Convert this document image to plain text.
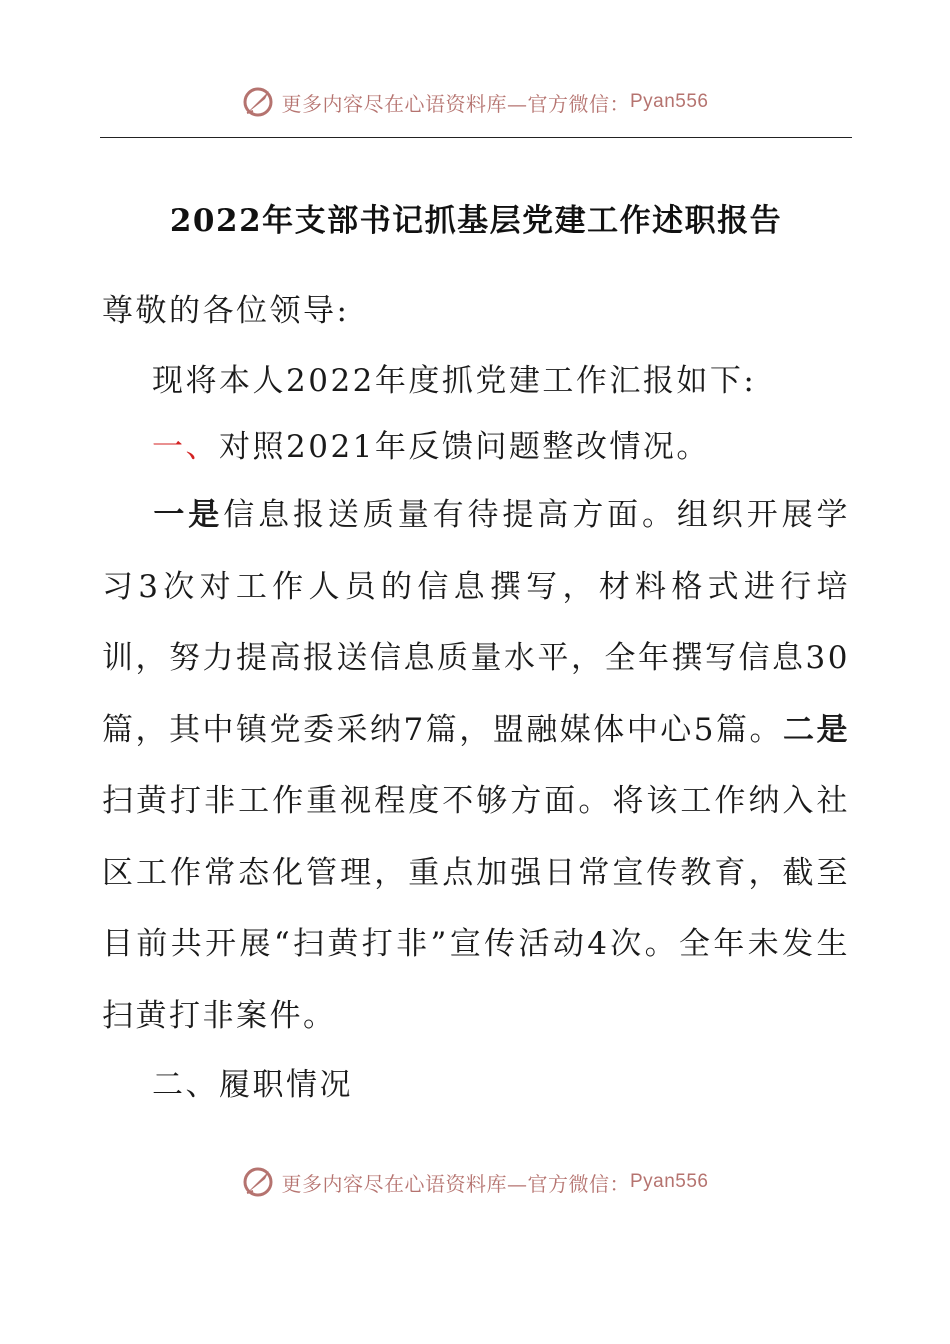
更多内容尽在心语资料库—官方微信： Pyan556
2022年支部书记抓基层党建工作述职报告
尊敬的各位领导:
现将本人2022年度抓党建工作汇报如下:
一、对照2021年反馈问题整改情况。
一是信息报送质量有待提高方面。组织开展学习3次对工作人员的信息撰写，材料格式进行培训，努力提高报送信息质量水平，全年撰写信息30篇，其中镇党委采纳7篇，盟融媒体中心5篇。二是扫黄打非工作重视程度不够方面。将该工作纳入社区工作常态化管理，重点加强日常宣传教育，截至目前共开展“扫黄打非”宣传活动4次。全年未发生扫黄打非案件。
二、履职情况
更多内容尽在心语资料库—官方微信： Pyan556
